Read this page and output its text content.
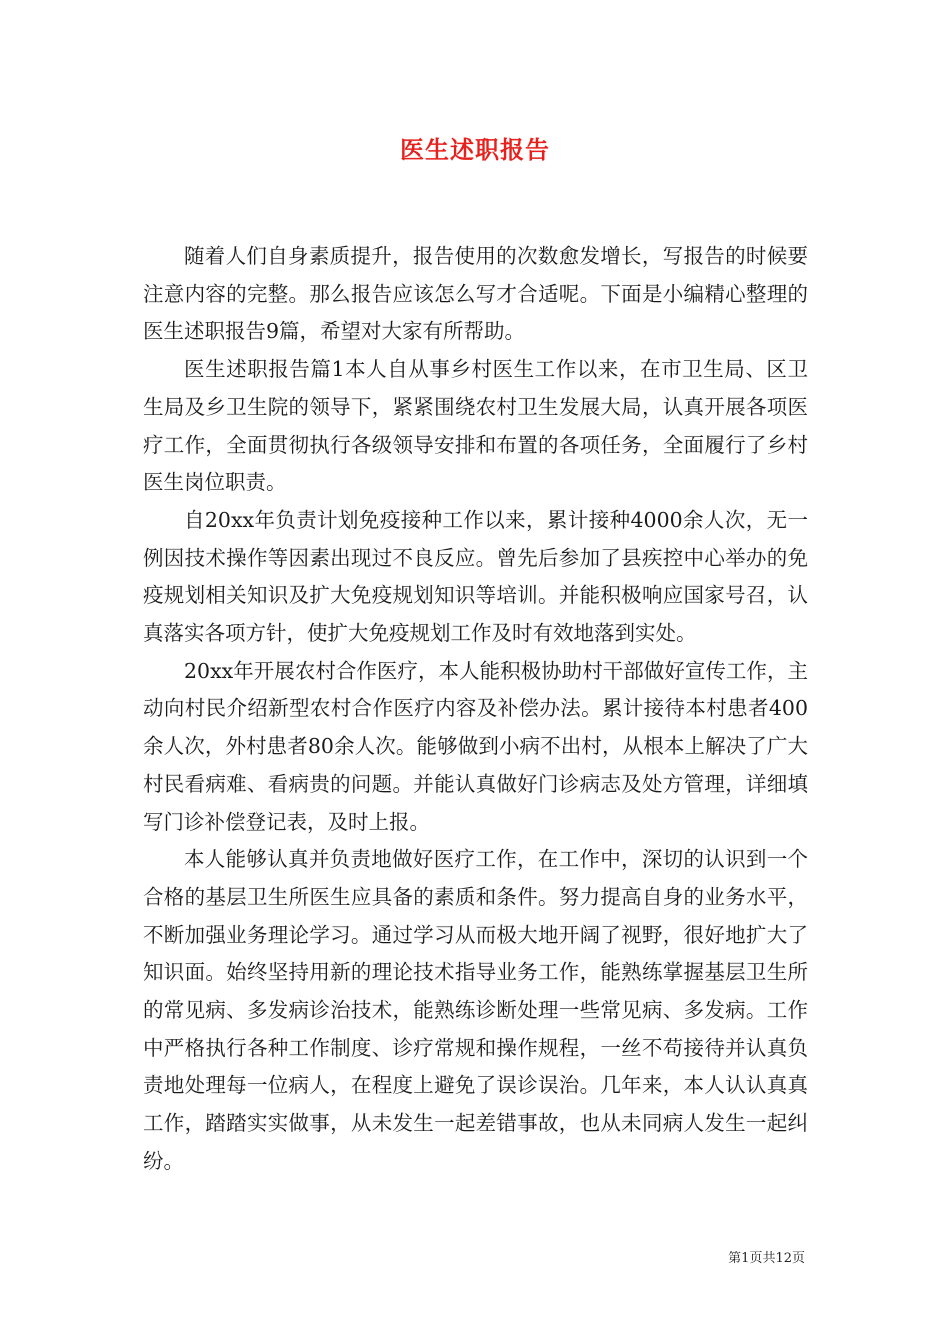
医生述职报告

随着人们自身素质提升，报告使用的次数愈发增长，写报告的时候要注意内容的完整。那么报告应该怎么写才合适呢。下面是小编精心整理的医生述职报告9篇，希望对大家有所帮助。

医生述职报告篇1本人自从事乡村医生工作以来，在市卫生局、区卫生局及乡卫生院的领导下，紧紧围绕农村卫生发展大局，认真开展各项医疗工作，全面贯彻执行各级领导安排和布置的各项任务，全面履行了乡村医生岗位职责。

自20xx年负责计划免疫接种工作以来，累计接种4000余人次，无一例因技术操作等因素出现过不良反应。曾先后参加了县疾控中心举办的免疫规划相关知识及扩大免疫规划知识等培训。并能积极响应国家号召，认真落实各项方针，使扩大免疫规划工作及时有效地落到实处。

20xx年开展农村合作医疗，本人能积极协助村干部做好宣传工作，主动向村民介绍新型农村合作医疗内容及补偿办法。累计接待本村患者400余人次，外村患者80余人次。能够做到小病不出村，从根本上解决了广大村民看病难、看病贵的问题。并能认真做好门诊病志及处方管理，详细填写门诊补偿登记表，及时上报。

本人能够认真并负责地做好医疗工作，在工作中，深切的认识到一个合格的基层卫生所医生应具备的素质和条件。努力提高自身的业务水平，不断加强业务理论学习。通过学习从而极大地开阔了视野，很好地扩大了知识面。始终坚持用新的理论技术指导业务工作，能熟练掌握基层卫生所的常见病、多发病诊治技术，能熟练诊断处理一些常见病、多发病。工作中严格执行各种工作制度、诊疗常规和操作规程，一丝不苟接待并认真负责地处理每一位病人，在程度上避免了误诊误治。几年来，本人认认真真工作，踏踏实实做事，从未发生一起差错事故，也从未同病人发生一起纠纷。

第1页共12页
